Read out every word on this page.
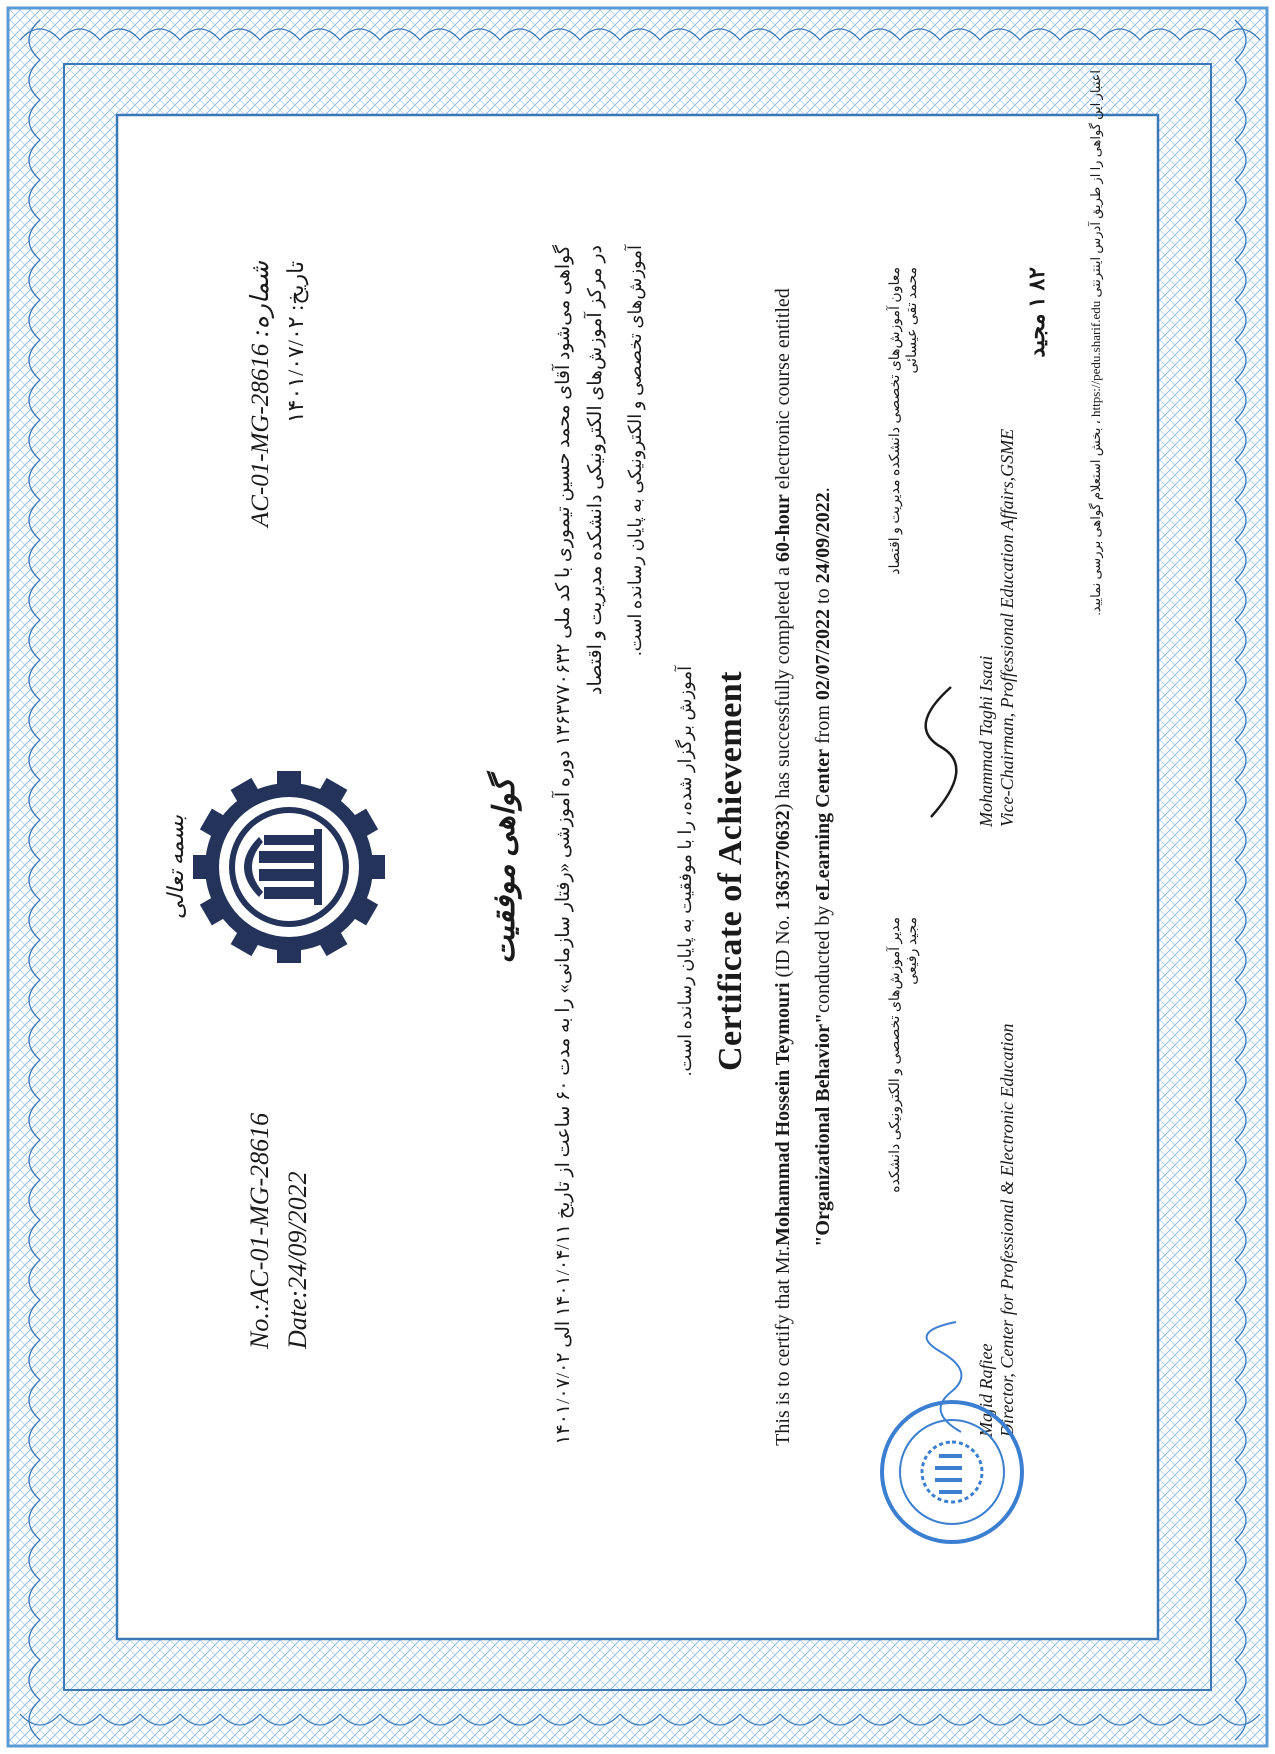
بسمه تعالی
No.:AC-01-MG-28616 Date:24/09/2022
شماره: AC-01-MG-28616
تاریخ: ۱۴۰۱/۰۷/۰۲
گواهی موفقیت
گواهی می‌شود آقای محمد حسین تیموری با کد ملی ۱۳۶۳۷۷۰۶۳۲ دوره آموزشی «رفتار سازمانی» را به مدت ۶۰ ساعت از تاریخ ۱۴۰۱/۰۴/۱۱ الی ۱۴۰۱/۰۷/۰۲ در مرکز آموزش‌های الکترونیکی دانشکده مدیریت و اقتصاد آموزش‌های تخصصی و الکترونیکی به پایان رسانده است.
آموزش برگزار شده، را با موفقیت به پایان رسانده است. Certificate of Achievement
This is to certify that Mr.Mohammad Hossein Teymouri (ID No. 1363770632) has successfully completed a 60-hour electronic course entitled
"Organizational Behavior"conducted by eLearning Center from 02/07/2022 to 24/09/2022.
مدیر آموزش‌های تخصصی و الکترونیکی دانشکده مجید رفیعی
Majid Rafiee Director, Center for Professional & Electronic Education
معاون آموزش‌های تخصصی دانشکده مدیریت و اقتصاد محمد تقی عیسائی
Mohammad Taghi Isaai Vice-Chairman, Proffessional Education Affairs,GSME
۸۲ ۱ مجید
اعتبار این گواهی را از طریق آدرس اینترنتی https://pedu.sharif.edu ، بخش استعلام گواهی بررسی نمایید.
